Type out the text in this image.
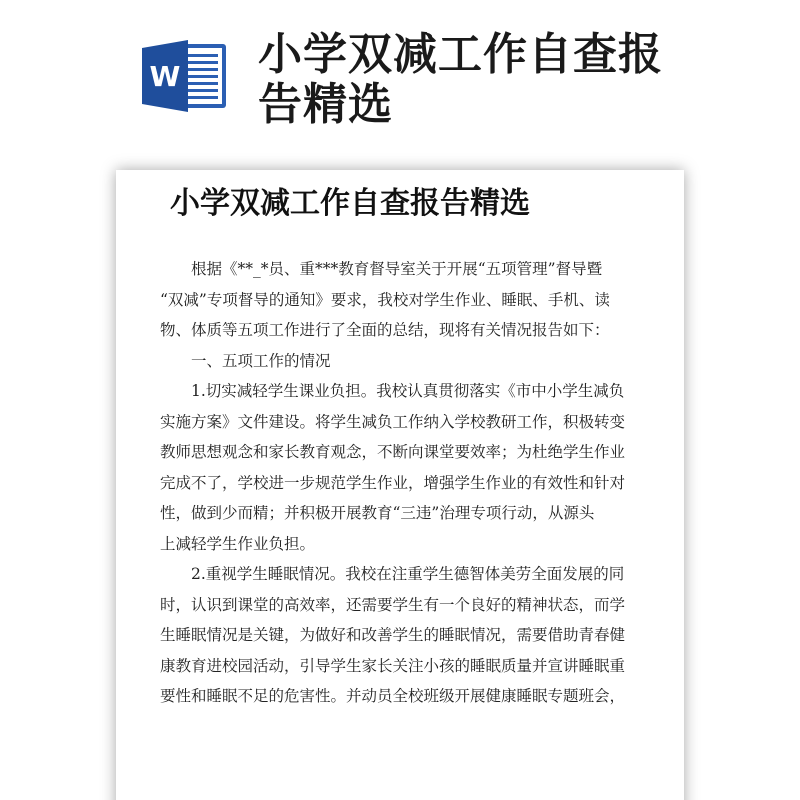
W 小学双减工作自查报
告精选
小学双减工作自查报告精选

根据《**_*员、重***教育督导室关于开展“五项管理”督导暨
“双减”专项督导的通知》要求，我校对学生作业、睡眠、手机、读
物、体质等五项工作进行了全面的总结，现将有关情况报告如下：

一、五项工作的情况

1.切实减轻学生课业负担。我校认真贯彻落实《市中小学生减负
实施方案》文件建设。将学生减负工作纳入学校教研工作，积极转变
教师思想观念和家长教育观念，不断向课堂要效率；为杜绝学生作业
完成不了，学校进一步规范学生作业，增强学生作业的有效性和针对
性，做到少而精；并积极开展教育“三违”治理专项行动，从源头
上减轻学生作业负担。

2.重视学生睡眠情况。我校在注重学生德智体美劳全面发展的同
时，认识到课堂的高效率，还需要学生有一个良好的精神状态，而学
生睡眠情况是关键，为做好和改善学生的睡眠情况，需要借助青春健
康教育进校园活动，引导学生家长关注小孩的睡眠质量并宣讲睡眠重
要性和睡眠不足的危害性。并动员全校班级开展健康睡眠专题班会，
